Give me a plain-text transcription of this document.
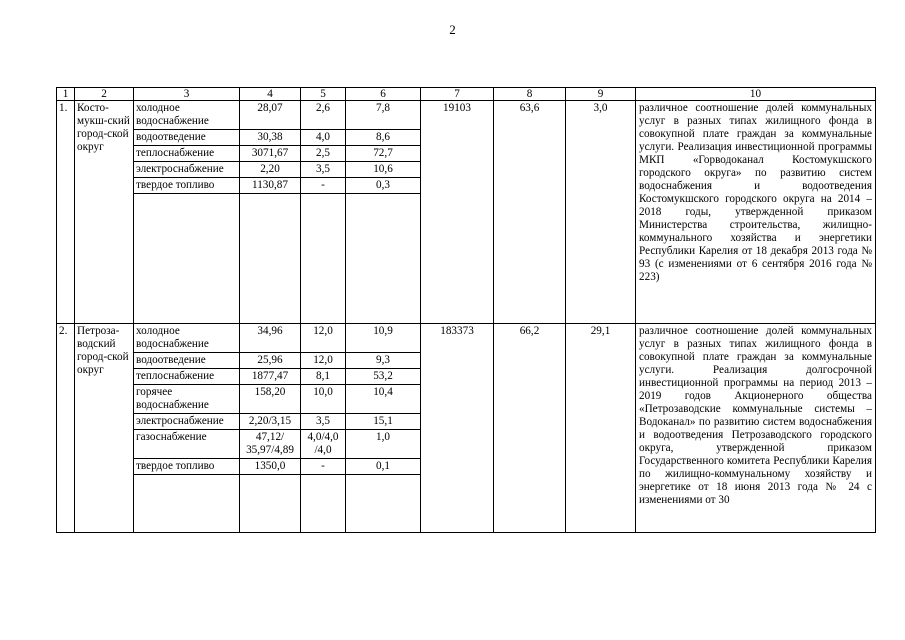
2
1	2	3	4	5	6	7	8	9	10
1.	Косто-мукш-ский город-ской округ	холодное водоснабжение	28,07	2,6	7,8	19103	63,6	3,0	различное соотношение долей коммунальных услуг в разных типах жилищного фонда в совокупной плате граждан за коммунальные услуги. Реализация инвестиционной программы МКП «Горводоканал Костомукшского городского округа» по развитию систем водоснабжения и водоотведения Костомукшского городского округа на 2014 – 2018 годы, утвержденной приказом Министерства строительства, жилищно-коммунального хозяйства и энергетики Республики Карелия от 18 декабря 2013 года № 93 (с изменениями от 6 сентября 2016 года № 223)
		водоотведение	30,38	4,0	8,6				
		теплоснабжение	3071,67	2,5	72,7				
		электроснабжение	2,20	3,5	10,6				
		твердое топливо	1130,87	-	0,3				

2.	Петроза-водский город-ской округ	холодное водоснабжение	34,96	12,0	10,9	183373	66,2	29,1	различное соотношение долей коммунальных услуг в разных типах жилищного фонда в совокупной плате граждан за коммунальные услуги. Реализация долгосрочной инвестиционной программы на период 2013 – 2019 годов Акционерного общества «Петрозаводские коммунальные системы – Водоканал» по развитию систем водоснабжения и водоотведения Петрозаводского городского округа, утвержденной приказом Государственного комитета Республики Карелия по жилищно-коммунальному хозяйству и энергетике от 18 июня 2013 года № 24 с изменениями от 30
		водоотведение	25,96	12,0	9,3				
		теплоснабжение	1877,47	8,1	53,2				
		горячее водоснабжение	158,20	10,0	10,4				
		электроснабжение	2,20/3,15	3,5	15,1				
		газоснабжение	47,12/ 35,97/4,89	4,0/4,0 /4,0	1,0				
		твердое топливо	1350,0	-	0,1				
